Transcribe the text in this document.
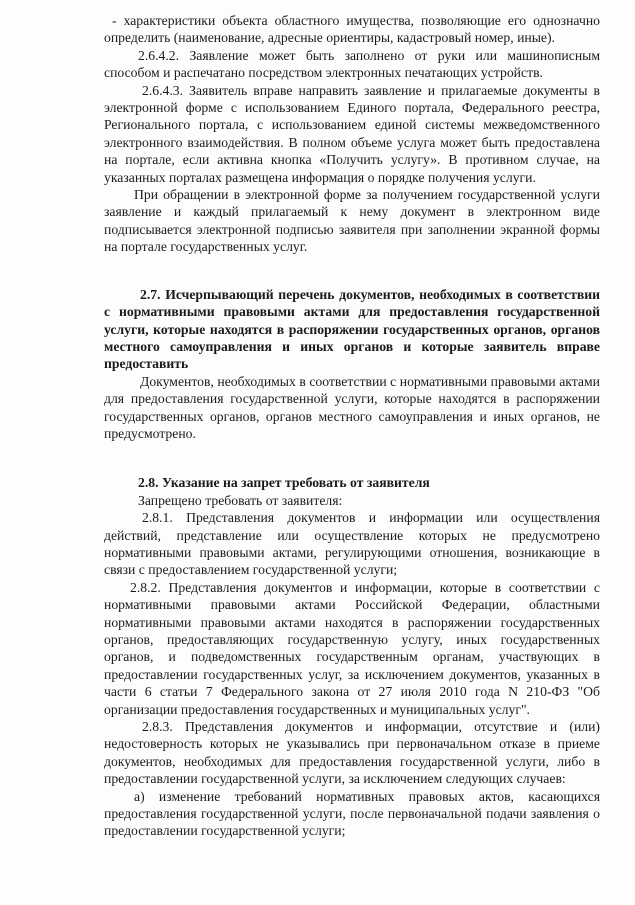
- характеристики объекта областного имущества, позволяющие его однозначно определить (наименование, адресные ориентиры, кадастровый номер, иные).

2.6.4.2. Заявление может быть заполнено от руки или машинописным способом и распечатано посредством электронных печатающих устройств.

2.6.4.3. Заявитель вправе направить заявление и прилагаемые документы в электронной форме с использованием Единого портала, Федерального реестра, Регионального портала, с использованием единой системы межведомственного электронного взаимодействия. В полном объеме услуга может быть предоставлена на портале, если активна кнопка «Получить услугу». В противном случае, на указанных порталах размещена информация о порядке получения услуги.

При обращении в электронной форме за получением государственной услуги заявление и каждый прилагаемый к нему документ в электронном виде подписывается электронной подписью заявителя при заполнении экранной формы на портале государственных услуг.

2.7. Исчерпывающий перечень документов, необходимых в соответствии с нормативными правовыми актами для предоставления государственной услуги, которые находятся в распоряжении государственных органов, органов местного самоуправления и иных органов и которые заявитель вправе предоставить

Документов, необходимых в соответствии с нормативными правовыми актами для предоставления государственной услуги, которые находятся в распоряжении государственных органов, органов местного самоуправления и иных органов, не предусмотрено.

2.8. Указание на запрет требовать от заявителя

Запрещено требовать от заявителя:

2.8.1. Представления документов и информации или осуществления действий, представление или осуществление которых не предусмотрено нормативными правовыми актами, регулирующими отношения, возникающие в связи с предоставлением государственной услуги;

2.8.2. Представления документов и информации, которые в соответствии с нормативными правовыми актами Российской Федерации, областными нормативными правовыми актами находятся в распоряжении государственных органов, предоставляющих государственную услугу, иных государственных органов, и подведомственных государственным органам, участвующих в предоставлении государственных услуг, за исключением документов, указанных в части 6 статьи 7 Федерального закона от 27 июля 2010 года N 210-ФЗ "Об организации предоставления государственных и муниципальных услуг".

2.8.3. Представления документов и информации, отсутствие и (или) недостоверность которых не указывались при первоначальном отказе в приеме документов, необходимых для предоставления государственной услуги, либо в предоставлении государственной услуги, за исключением следующих случаев:

а) изменение требований нормативных правовых актов, касающихся предоставления государственной услуги, после первоначальной подачи заявления о предоставлении государственной услуги;
